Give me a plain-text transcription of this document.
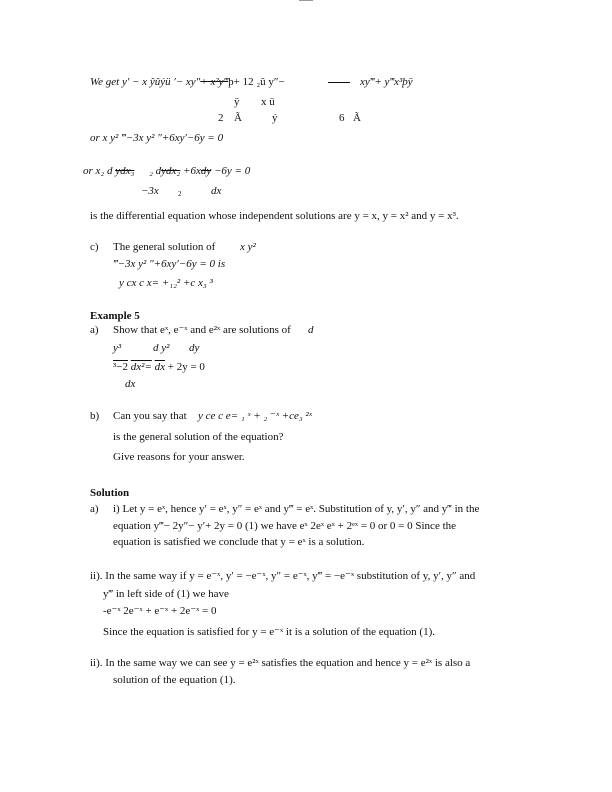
We get y′ − x ŷûýü ′− xy″+ x²y‴þ+ 12 ₂û y″−	xy‴+ y‴x³þÿ
ÿ x ü
2 Ã	ý	6 Ã
or x y² ‴−3x y² ″+6xy′−6y = 0
or x₂ d ydx₃ ₂ dydx₂ +6xdy −6y = 0
−3x	2	dx
is the differential equation whose independent solutions are y = x, y = x² and y = x³.
c) The general solution of x y²
‴−3x y² ″+6xy′−6y = 0 is
y cx c x= +₁₂² +c x₃ ³
Example 5
a) Show that eˣ, e⁻ˣ and e²ˣ are solutions of d
y³	d y² dy
³−2 $dx^2= \overline{dx} + 2y = 0$
dx
b) Can you say that y ce c e= ₁ ˣ + ₂ ⁻ˣ +ce₃ ²ˣ
is the general solution of the equation?
Give reasons for your answer.
Solution
a) i) Let y = eˣ, hence y′ = eˣ, y″ = eˣ and y‴ = eˣ. Substitution of y, y′, y″ and y‴ in the
equation y‴− 2y″− y′+ 2y = 0 (1) we have eˣ 2eˣ eˣ + 2ᵉˣ = 0 or 0 = 0 Since the
equation is satisfied we conclude that y = eˣ is a solution.
ii). In the same way if y = e⁻ˣ, y′ = −e⁻ˣ, y″ = e⁻ˣ, y‴ = −e⁻ˣ substitution of y, y′, y″ and
y‴ in left side of (1) we have
-e⁻ˣ 2e⁻ˣ + e⁻ˣ + 2e⁻ˣ = 0
Since the equation is satisfied for y = e⁻ˣ it is a solution of the equation (1).
ii). In the same way we can see y = e²ˣ satisfies the equation and hence y = e²ˣ is also a
solution of the equation (1).
